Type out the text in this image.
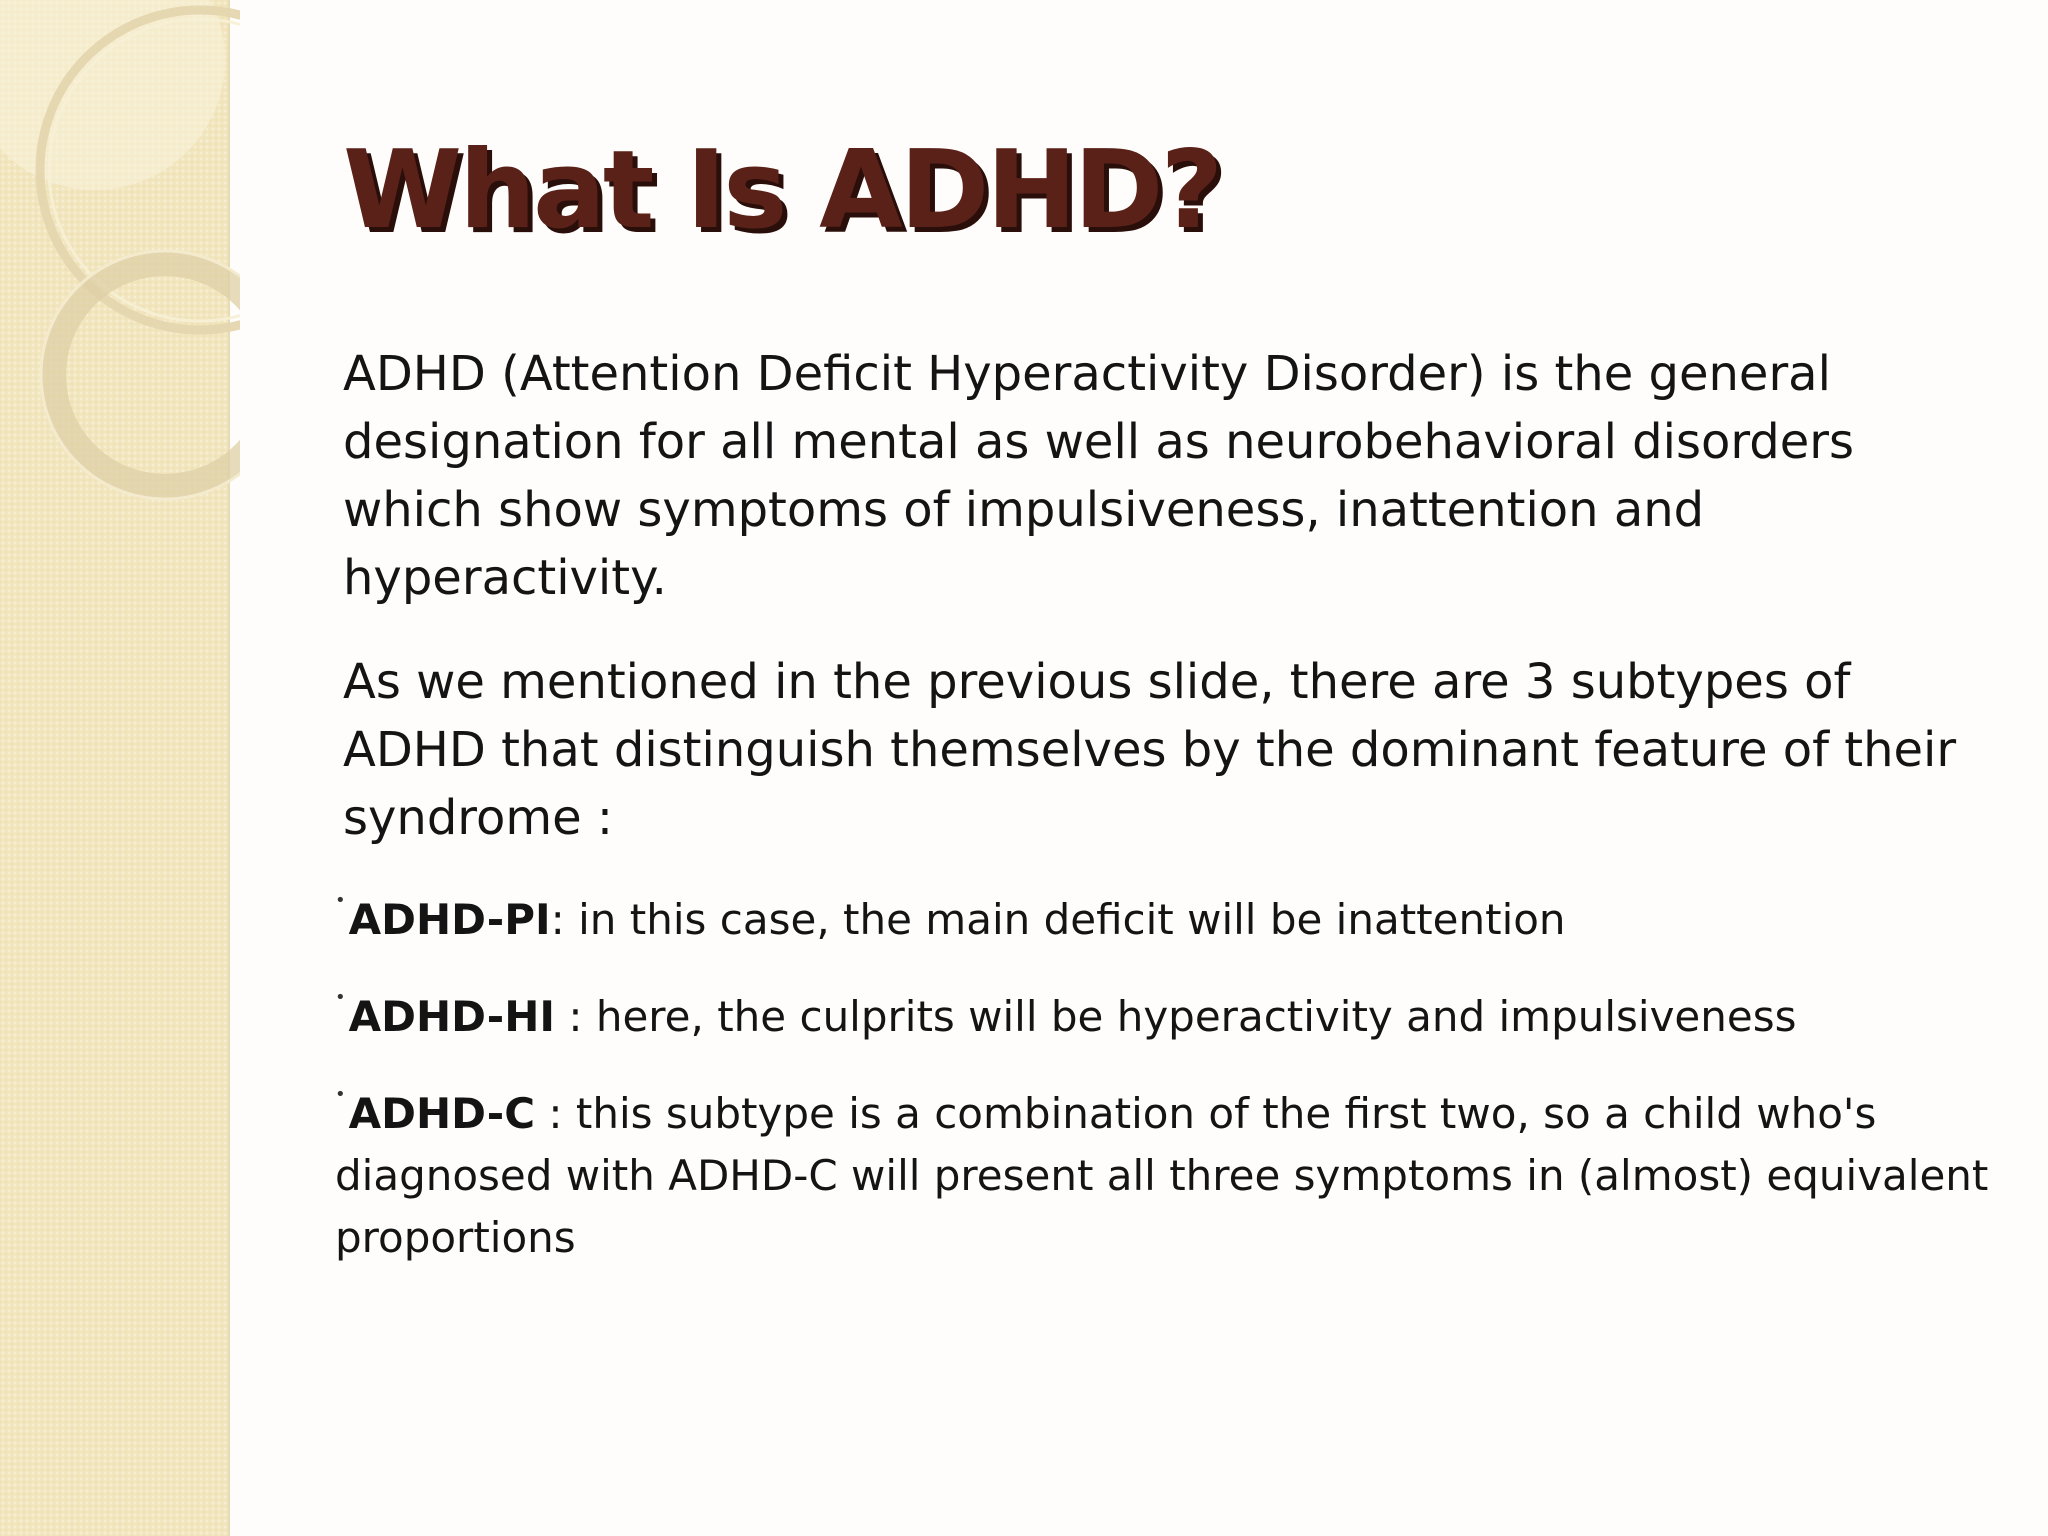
What Is ADHD?

ADHD (Attention Deficit Hyperactivity Disorder) is the general designation for all mental as well as neurobehavioral disorders which show symptoms of impulsiveness, inattention and hyperactivity.

As we mentioned in the previous slide, there are 3 subtypes of ADHD that distinguish themselves by the dominant feature of their syndrome :

•ADHD-PI: in this case, the main deficit will be inattention
•ADHD-HI : here, the culprits will be hyperactivity and impulsiveness
•ADHD-C : this subtype is a combination of the first two, so a child who's diagnosed with ADHD-C will present all three symptoms in (almost) equivalent proportions
